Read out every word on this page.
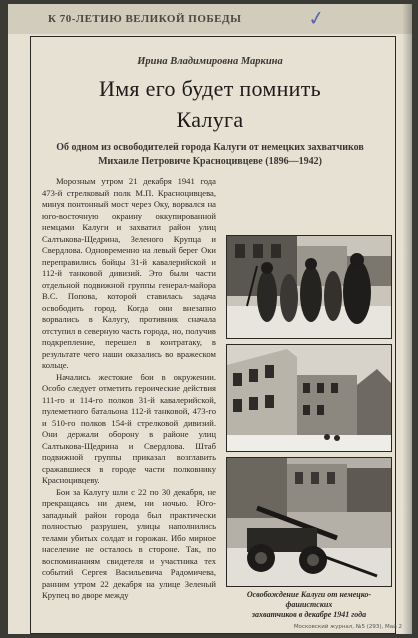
К 70-ЛЕТИЮ ВЕЛИКОЙ ПОБЕДЫ	✓
Ирина Владимировна Маркина
Имя его будет помнить
Калуга
Об одном из освободителей города Калуги от немецких захватчиков
Михаиле Петровиче Красноцивцеве (1896—1942)

Морозным утром 21 декабря 1941 года 473-й стрелковый полк М.П. Красноцивцева, минуя понтонный мост через Оку, ворвался на юго-восточную окраину оккупированной немцами Калуги и захватил район улиц Салтыкова-Щедрина, Зеленого Крупца и Свердлова. Одновременно на левый берег Оки переправились бойцы 31-й кавалерийской и 112-й танковой дивизий. Это были части отдельной подвижной группы генерал-майора В.С. Попова, которой ставилась задача освободить город. Когда они внезапно ворвались в Калугу, противник сначала отступил в северную часть города, но, получив подкрепление, перешел в контратаку, в результате чего наши оказались во вражеском кольце.

Начались жестокие бои в окружении. Особо следует отметить героические действия 111-го и 114-го полков 31-й кавалерийской, пулеметного батальона 112-й танковой, 473-го и 510-го полков 154-й стрелковой дивизий. Они держали оборону в районе улиц Салтыкова-Щедрина и Свердлова. Штаб подвижной группы приказал возглавить сражавшиеся в городе части полковнику Красноцивцеву.

Бои за Калугу шли с 22 по 30 декабря, не прекращаясь ни днем, ни ночью. Юго-западный район города был практически полностью разрушен, улицы наполнились телами убитых солдат и горожан. Ибо мирное население не осталось в стороне. Так, по воспоминаниям свидетеля и участника тех событий Сергея Васильевича Радомичева, ранним утром 22 декабря на улице Зеленый Крупец во дворе между	Освобождение Калуги от немецко-фашистских
захватчиков в декабре 1941 года
Московский журнал, №5 (293), Май 2
